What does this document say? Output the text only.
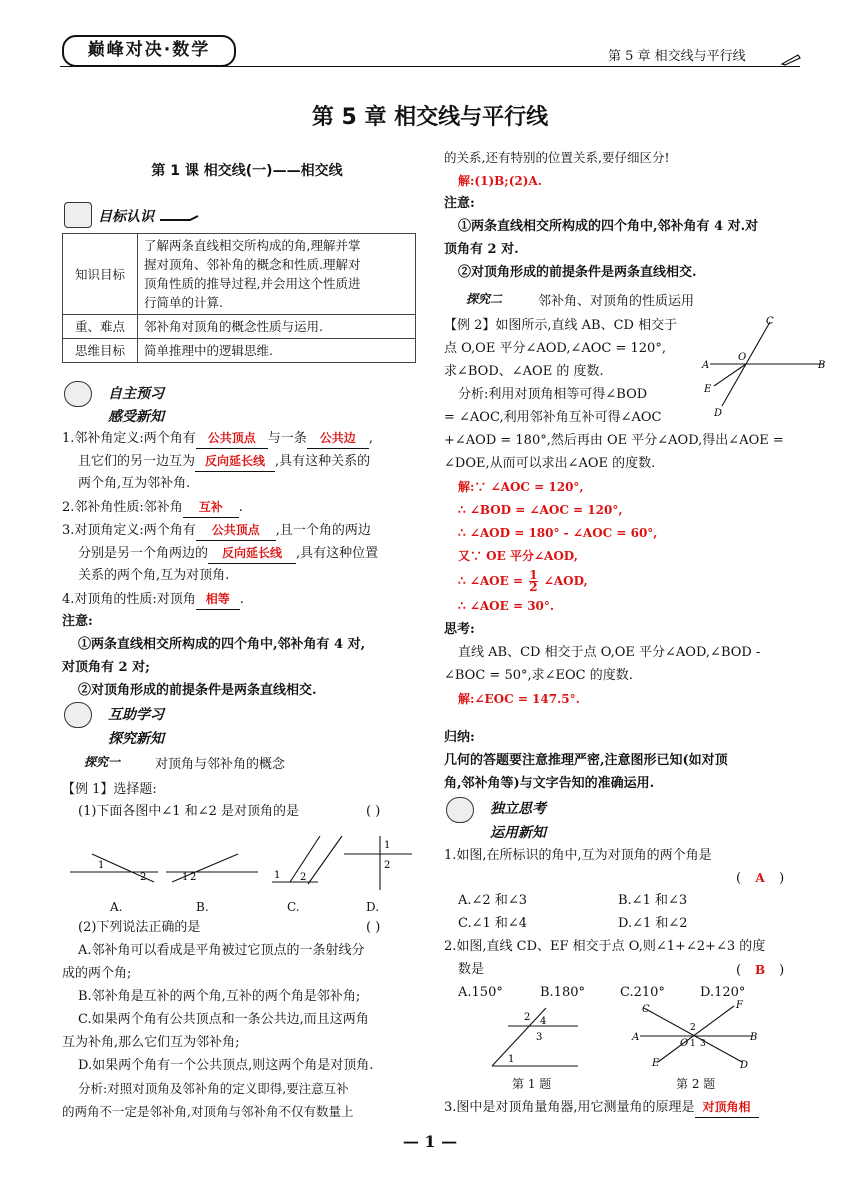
巅峰对决·数学	第 5 章 相交线与平行线
第 5 章 相交线与平行线
第 1 课 相交线(一)——相交线
目标认识
知识目标	了解两条直线相交所构成的角,理解并掌
握对顶角、邻补角的概念和性质.理解对
顶角性质的推导过程,并会用这个性质进
行简单的计算.

重、难点	邻补角对顶角的概念性质与运用.
思维目标	简单推理中的逻辑思维.
自主预习
感受新知
1.邻补角定义:两个角有 公共顶点 与一条 公共边 ,
且它们的另一边互为 反向延长线 ,具有这种关系的
两个角,互为邻补角.
2.邻补角性质:邻补角 互补 .
3.对顶角定义:两个角有 公共顶点 ,且一个角的两边
分别是另一个角两边的 反向延长线 ,具有这种位置
关系的两个角,互为对顶角.
4.对顶角的性质:对顶角 相等 .
注意:
①两条直线相交所构成的四个角中,邻补角有 4 对,
对顶角有 2 对;
②对顶角形成的前提条件是两条直线相交.
互助学习
探究新知
探究一	对顶角与邻补角的概念
【例 1】选择题:
(1)下面各图中∠1 和∠2 是对顶角的是	( )
1
2	1 2	1 2
1
2
A.	B.	C.	D.
(2)下列说法正确的是	( )
A.邻补角可以看成是平角被过它顶点的一条射线分
成的两个角;
B.邻补角是互补的两个角,互补的两个角是邻补角;
C.如果两个角有公共顶点和一条公共边,而且这两角
互为补角,那么它们互为邻补角;
D.如果两个角有一个公共顶点,则这两个角是对顶角.
分析:对照对顶角及邻补角的定义即得,要注意互补
的两角不一定是邻补角,对顶角与邻补角不仅有数量上
的关系,还有特别的位置关系,要仔细区分!
解:(1)B;(2)A.
注意:
①两条直线相交所构成的四个角中,邻补角有 4 对.对
顶角有 2 对.
②对顶角形成的前提条件是两条直线相交.
探究二	邻补角、对顶角的性质运用
【例 2】如图所示,直线 AB、CD 相交于
点 O,OE 平分∠AOD,∠AOC = 120°,
求∠BOD、∠AOE 的 度数.
C
A	B
O
E
D
分析:利用对顶角相等可得∠BOD
= ∠AOC,利用邻补角互补可得∠AOC
+∠AOD = 180°,然后再由 OE 平分∠AOD,得出∠AOE =
∠DOE,从而可以求出∠AOE 的度数.
解:∵ ∠AOC = 120°,
∴ ∠BOD = ∠AOC = 120°,
∴ ∠AOD = 180° - ∠AOC = 60°,
又∵ OE 平分∠AOD,
∴ ∠AOE = $\frac{1}{2}$ ∠AOD,
∴ ∠AOE = 30°.
思考:
直线 AB、CD 相交于点 O,OE 平分∠AOD,∠BOD -
∠BOC = 50°,求∠EOC 的度数.
解:∠EOC = 147.5°.
归纳:
几何的答题要注意推理严密,注意图形已知(如对顶
角,邻补角等)与文字告知的准确运用.
独立思考
运用新知
1.如图,在所标识的角中,互为对顶角的两个角是
( A )
A.∠2 和∠3	B.∠1 和∠3
C.∠1 和∠4	D.∠1 和∠2
2.如图,直线 CD、EF 相交于点 O,则∠1+∠2+∠3 的度
数是	( B )
A.150°	B.180°	C.210°	D.120°
1
2
3
4
C
A	B
F
E	D
O 1
2
3
第 1 题	第 2 题
3.图中是对顶角量角器,用它测量角的原理是 对顶角相
— 1 —
